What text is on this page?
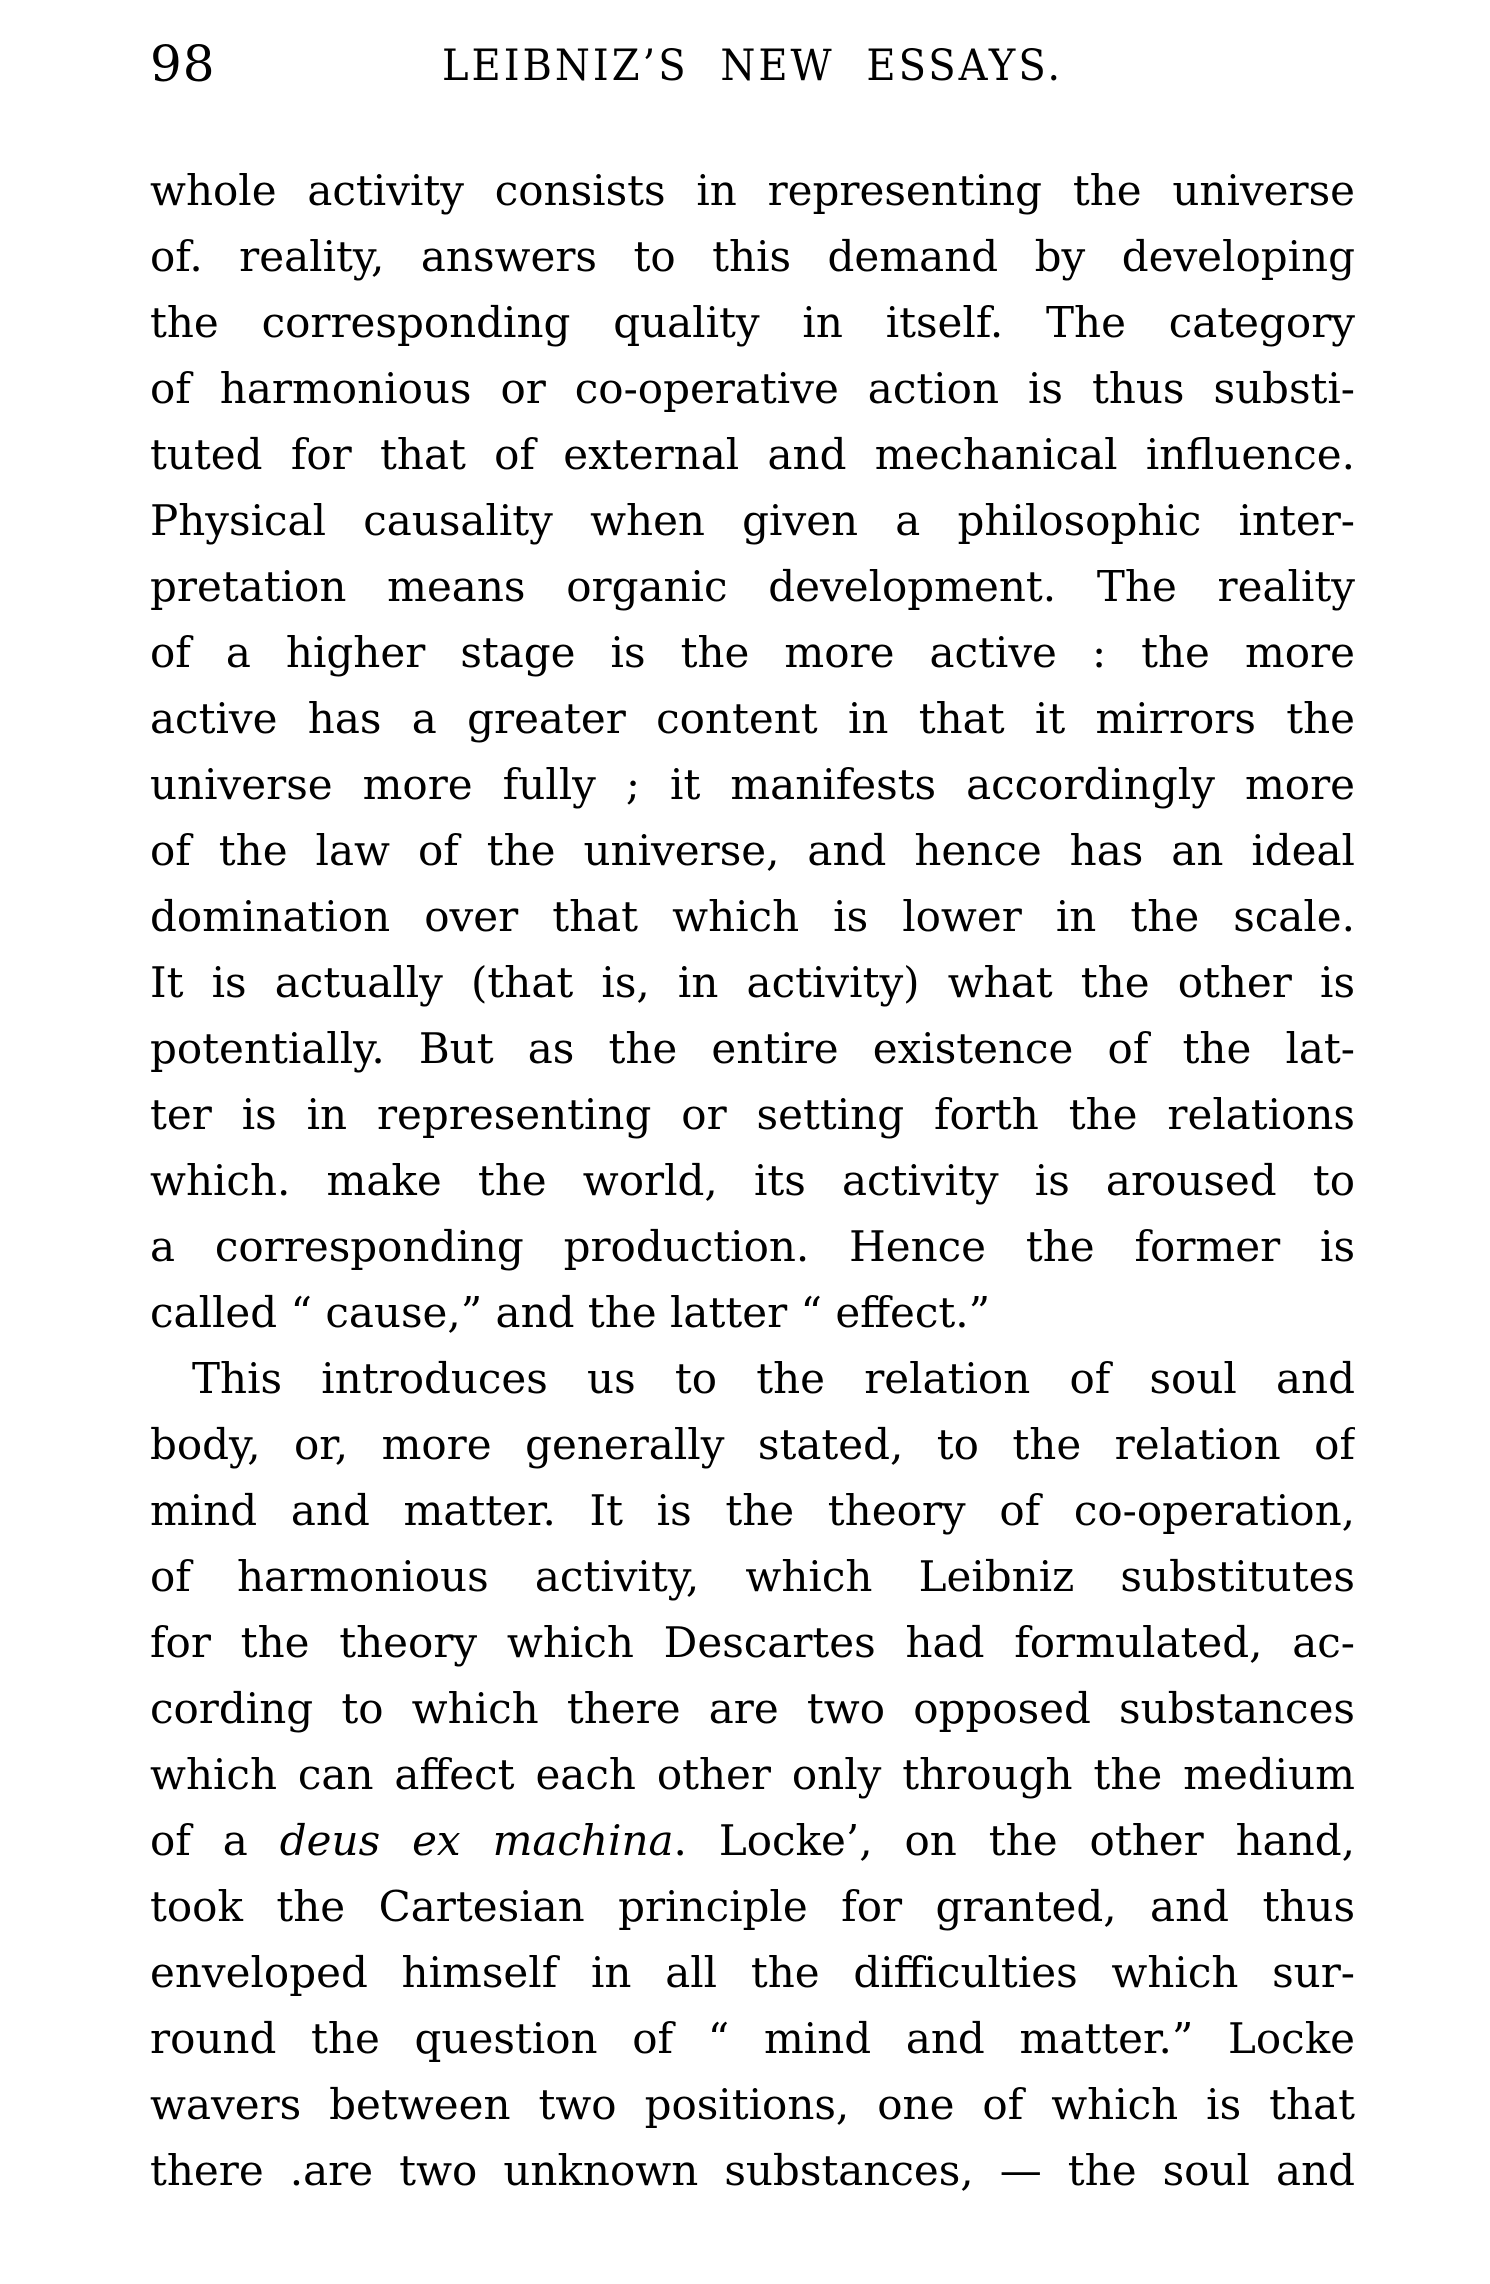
98	LEIBNIZ’S NEW ESSAYS.
whole activity consists in representing the universe
of. reality, answers to this demand by developing
the corresponding quality in itself. The category
of harmonious or co-operative action is thus substi-
tuted for that of external and mechanical influence.
Physical causality when given a philosophic inter-
pretation means organic development. The reality
of a higher stage is the more active : the more
active has a greater content in that it mirrors the
universe more fully ; it manifests accordingly more
of the law of the universe, and hence has an ideal
domination over that which is lower in the scale.
It is actually (that is, in activity) what the other is
potentially. But as the entire existence of the lat-
ter is in representing or setting forth the relations
which. make the world, its activity is aroused to
a corresponding production. Hence the former is
called “ cause,” and the latter “ effect.”
This introduces us to the relation of soul and
body, or, more generally stated, to the relation of
mind and matter. It is the theory of co-operation,
of harmonious activity, which Leibniz substitutes
for the theory which Descartes had formulated, ac-
cording to which there are two opposed substances
which can affect each other only through the medium
of a deus ex machina. Locke’, on the other hand,
took the Cartesian principle for granted, and thus
enveloped himself in all the difficulties which sur-
round the question of “ mind and matter.” Locke
wavers between two positions, one of which is that
there .are two unknown substances, — the soul and
